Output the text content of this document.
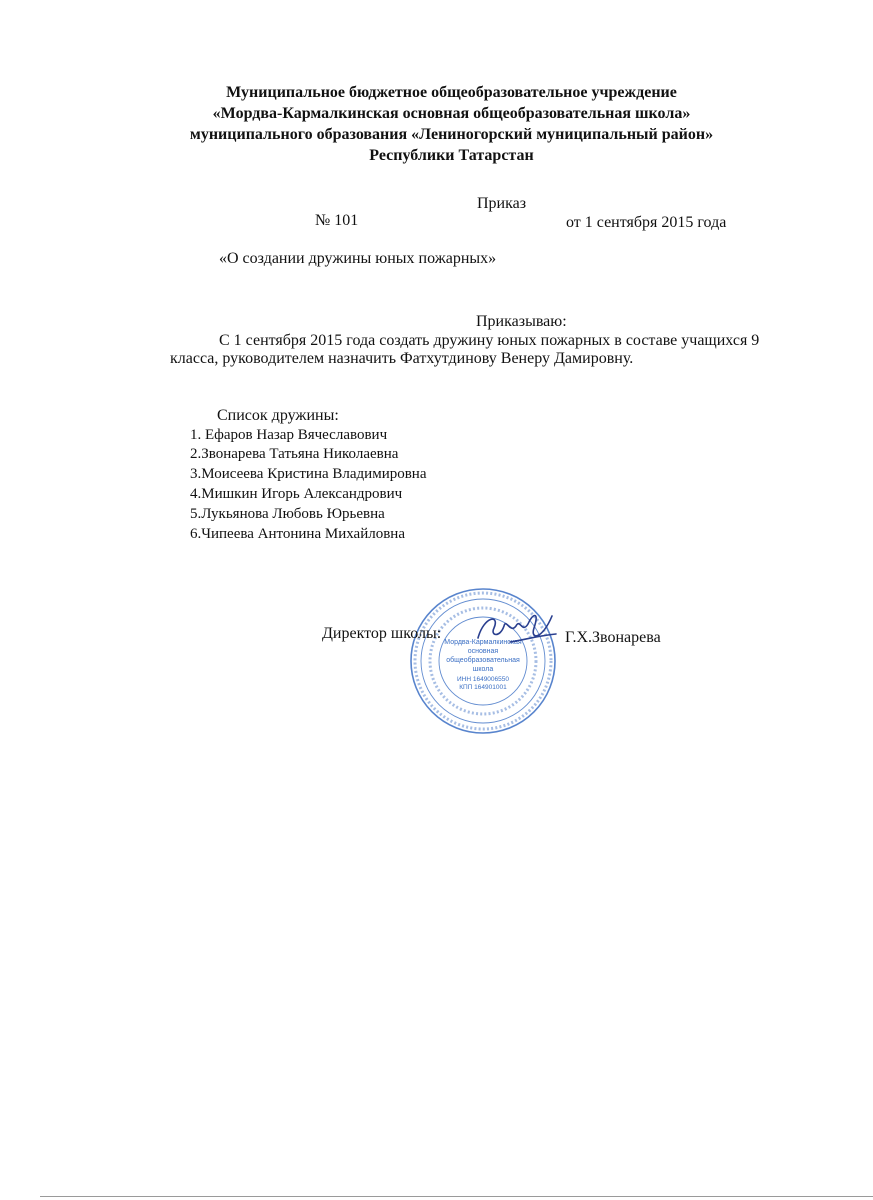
Муниципальное бюджетное общеобразовательное учреждение
«Мордва-Кармалкинская основная общеобразовательная школа»
муниципального образования «Лениногорский муниципальный район»
Республики Татарстан
Приказ
№ 101	от 1 сентября 2015 года
«О создании дружины юных пожарных»
Приказываю:
С 1 сентября 2015 года создать дружину юных пожарных в составе учащихся 9
класса, руководителем назначить Фатхутдинову Венеру Дамировну.
Список дружины:
1. Ефаров Назар Вячеславович
2.Звонарева Татьяна Николаевна
3.Моисеева Кристина Владимировна
4.Мишкин Игорь Александрович
5.Лукьянова Любовь Юрьевна
6.Чипеева Антонина Михайловна
Мордва-Кармалкинская
основная
общеобразовательная
школа
ИНН 1649006550
КПП 164901001
Директор школы:	Г.Х.Звонарева
